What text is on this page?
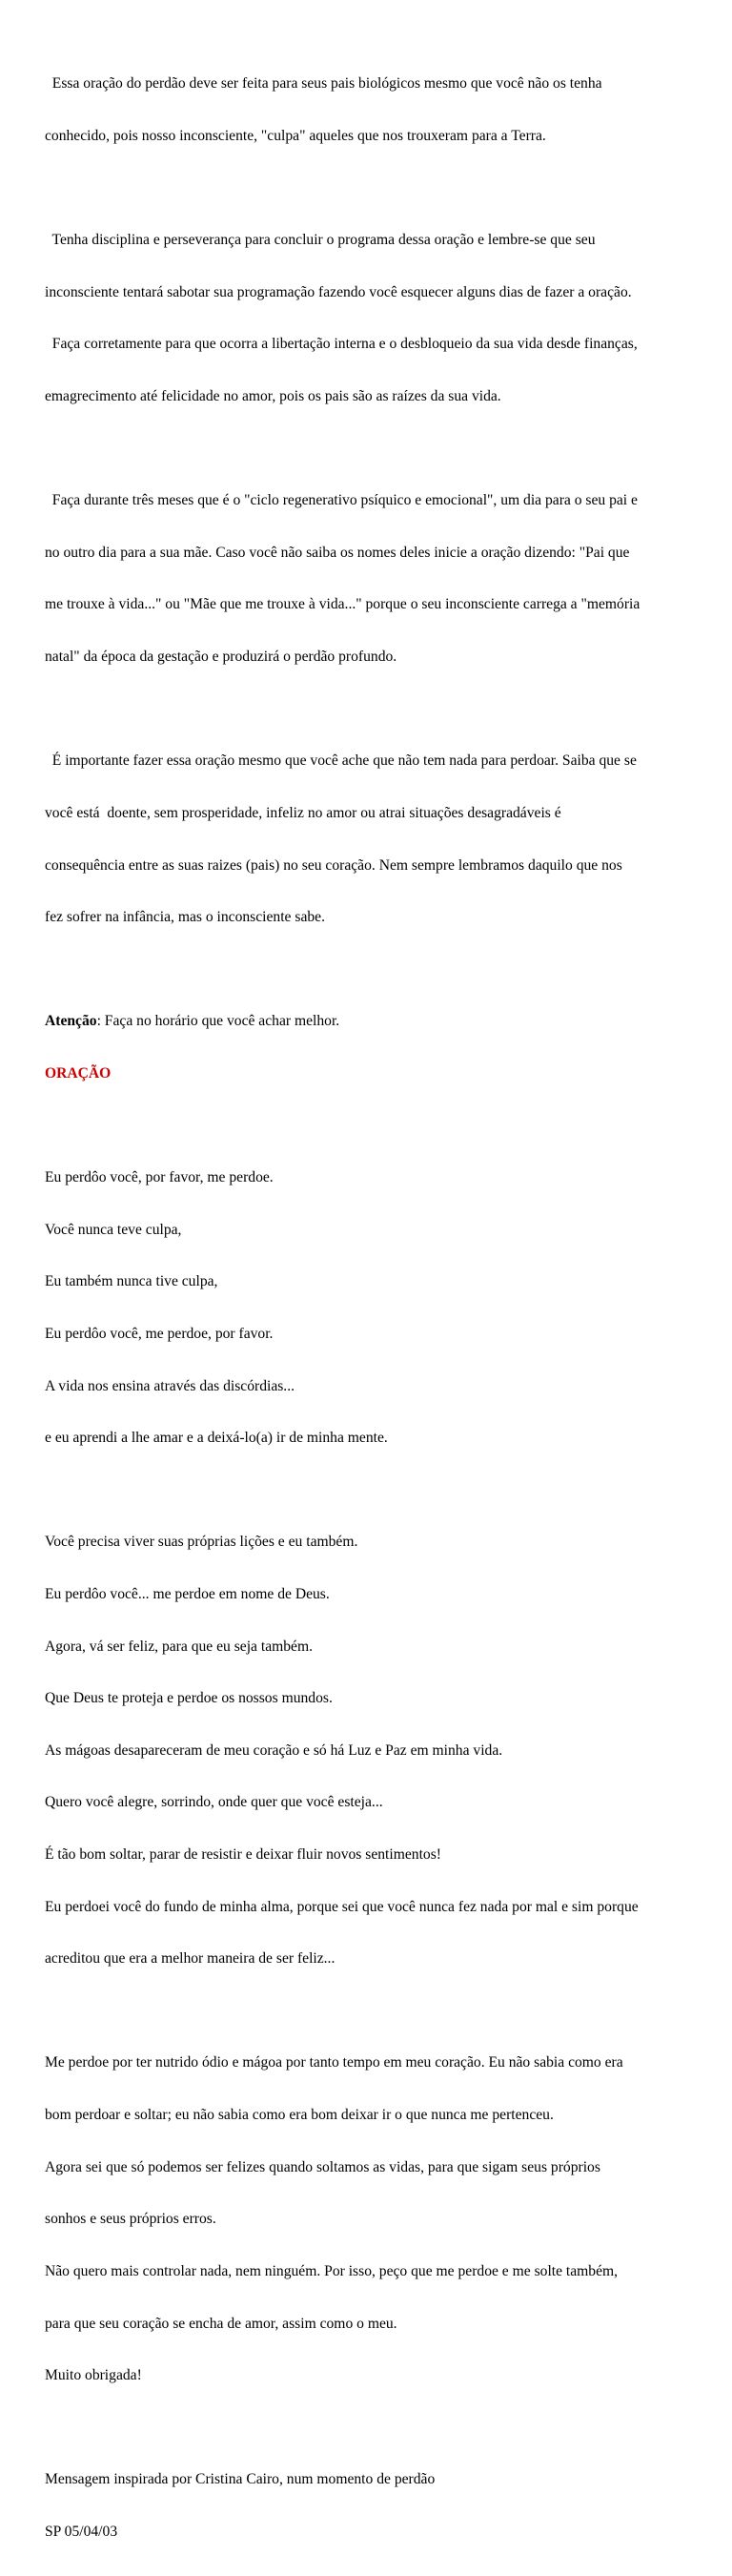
Essa oração do perdão deve ser feita para seus pais biológicos mesmo que você não os tenha

conhecido, pois nosso inconsciente, "culpa" aqueles que nos trouxeram para a Terra.

Tenha disciplina e perseverança para concluir o programa dessa oração e lembre-se que seu

inconsciente tentará sabotar sua programação fazendo você esquecer alguns dias de fazer a oração.

Faça corretamente para que ocorra a libertação interna e o desbloqueio da sua vida desde finanças,

emagrecimento até felicidade no amor, pois os pais são as raízes da sua vida.

Faça durante três meses que é o "ciclo regenerativo psíquico e emocional", um dia para o seu pai e

no outro dia para a sua mãe. Caso você não saiba os nomes deles inicie a oração dizendo: "Pai que

me trouxe à vida..." ou "Mãe que me trouxe à vida..." porque o seu inconsciente carrega a "memória

natal" da época da gestação e produzirá o perdão profundo.

É importante fazer essa oração mesmo que você ache que não tem nada para perdoar. Saiba que se

você está  doente, sem prosperidade, infeliz no amor ou atrai situações desagradáveis é

consequência entre as suas raizes (pais) no seu coração. Nem sempre lembramos daquilo que nos

fez sofrer na infância, mas o inconsciente sabe.

Atenção: Faça no horário que você achar melhor.

ORAÇÃO

Eu perdôo você, por favor, me perdoe.

Você nunca teve culpa,

Eu também nunca tive culpa,

Eu perdôo você, me perdoe, por favor.

A vida nos ensina através das discórdias...

e eu aprendi a lhe amar e a deixá-lo(a) ir de minha mente.

Você precisa viver suas próprias lições e eu também.

Eu perdôo você... me perdoe em nome de Deus.

Agora, vá ser feliz, para que eu seja também.

Que Deus te proteja e perdoe os nossos mundos.

As mágoas desapareceram de meu coração e só há Luz e Paz em minha vida.

Quero você alegre, sorrindo, onde quer que você esteja...

É tão bom soltar, parar de resistir e deixar fluir novos sentimentos!

Eu perdoei você do fundo de minha alma, porque sei que você nunca fez nada por mal e sim porque

acreditou que era a melhor maneira de ser feliz...

Me perdoe por ter nutrido ódio e mágoa por tanto tempo em meu coração. Eu não sabia como era

bom perdoar e soltar; eu não sabia como era bom deixar ir o que nunca me pertenceu.

Agora sei que só podemos ser felizes quando soltamos as vidas, para que sigam seus próprios

sonhos e seus próprios erros.

Não quero mais controlar nada, nem ninguém. Por isso, peço que me perdoe e me solte também,

para que seu coração se encha de amor, assim como o meu.

Muito obrigada!

Mensagem inspirada por Cristina Cairo, num momento de perdão

SP 05/04/03
